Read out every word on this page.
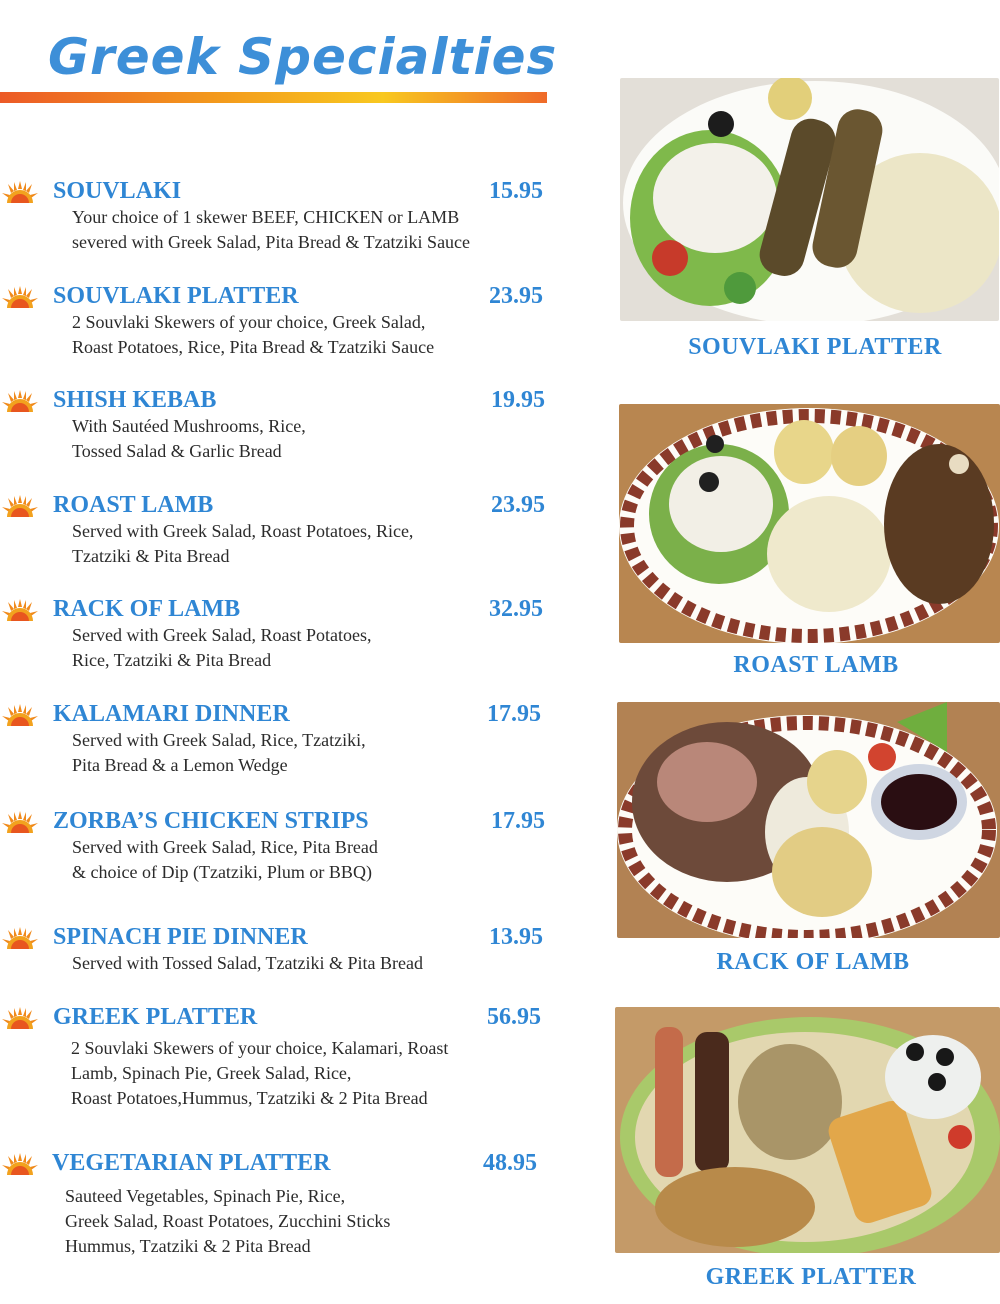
Greek Specialties
SOUVLAKI	15.95
Your choice of 1 skewer BEEF, CHICKEN or LAMB
severed with Greek Salad, Pita Bread & Tzatziki Sauce
SOUVLAKI PLATTER	23.95
2 Souvlaki Skewers of your choice, Greek Salad,
Roast Potatoes, Rice, Pita Bread & Tzatziki Sauce
SHISH KEBAB	19.95
With Sautéed Mushrooms, Rice,
Tossed Salad & Garlic Bread
ROAST LAMB	23.95
Served with Greek Salad, Roast Potatoes, Rice,
Tzatziki & Pita Bread
RACK OF LAMB	32.95
Served with Greek Salad, Roast Potatoes,
Rice, Tzatziki & Pita Bread
KALAMARI DINNER	17.95
Served with Greek Salad, Rice, Tzatziki,
Pita Bread & a Lemon Wedge
ZORBA’S CHICKEN STRIPS	17.95
Served with Greek Salad, Rice, Pita Bread
& choice of Dip (Tzatziki, Plum or BBQ)
SPINACH PIE DINNER	13.95
Served with Tossed Salad, Tzatziki & Pita Bread
GREEK PLATTER	56.95
2 Souvlaki Skewers of your choice, Kalamari, Roast
Lamb, Spinach Pie, Greek Salad, Rice,
Roast Potatoes,Hummus, Tzatziki & 2 Pita Bread
VEGETARIAN PLATTER	48.95
Sauteed Vegetables, Spinach Pie, Rice,
Greek Salad, Roast Potatoes, Zucchini Sticks
Hummus, Tzatziki & 2 Pita Bread
SOUVLAKI PLATTER
ROAST LAMB
RACK OF LAMB
GREEK PLATTER
